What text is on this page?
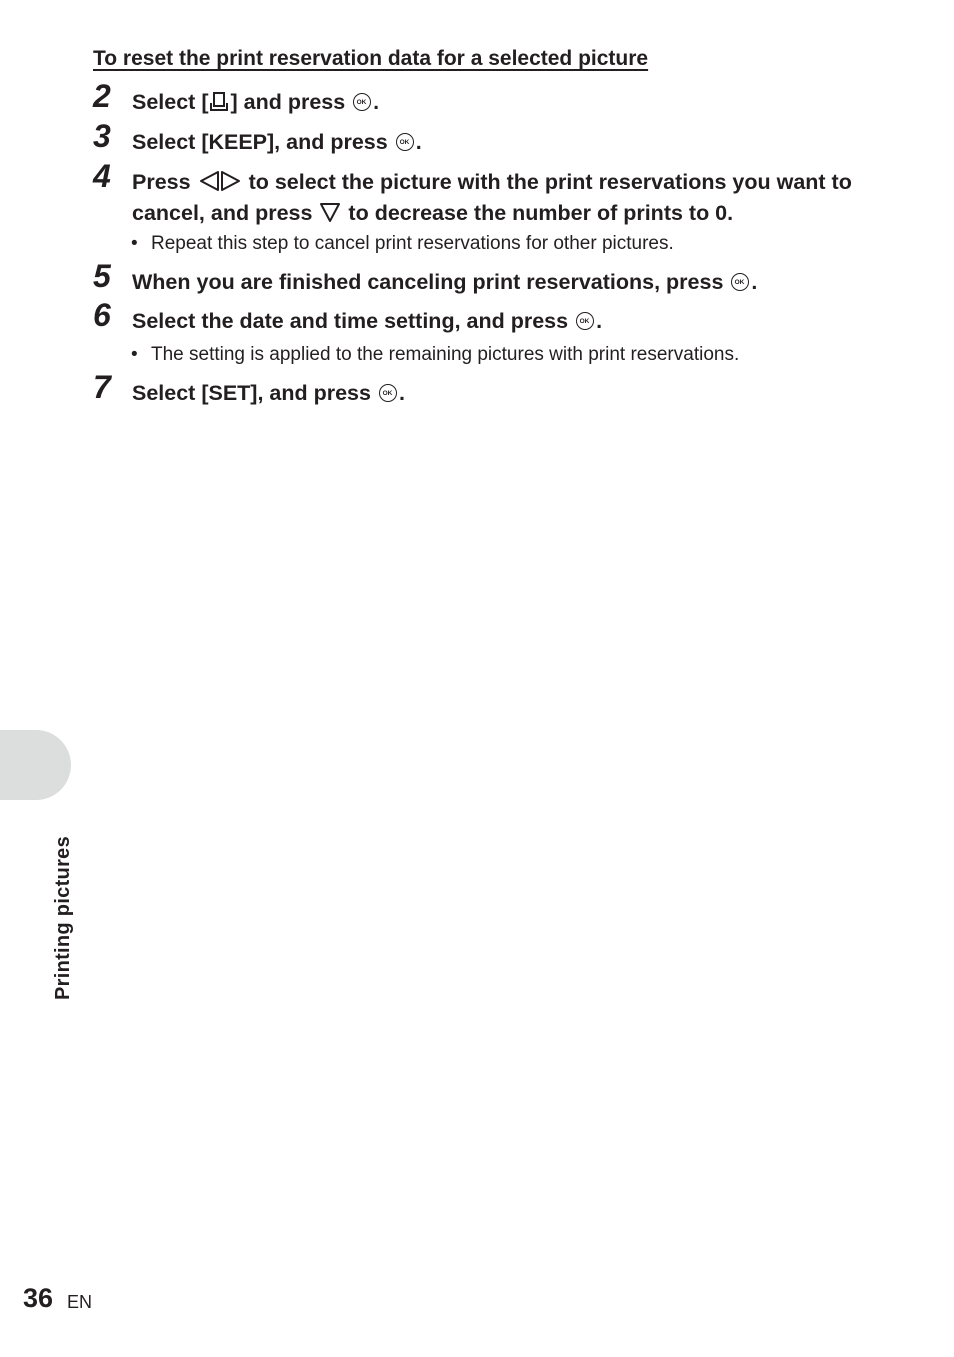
To reset the print reservation data for a selected picture
2 Select [ ] and press OK .
3 Select [KEEP], and press OK .
4 Press	to select the picture with the print reservations you want to cancel, and press to decrease the number of prints to 0.
• Repeat this step to cancel print reservations for other pictures.
5 When you are finished canceling print reservations, press OK .
6 Select the date and time setting, and press OK .
• The setting is applied to the remaining pictures with print reservations.
7 Select [SET], and press OK .
Printing pictures
36 EN
